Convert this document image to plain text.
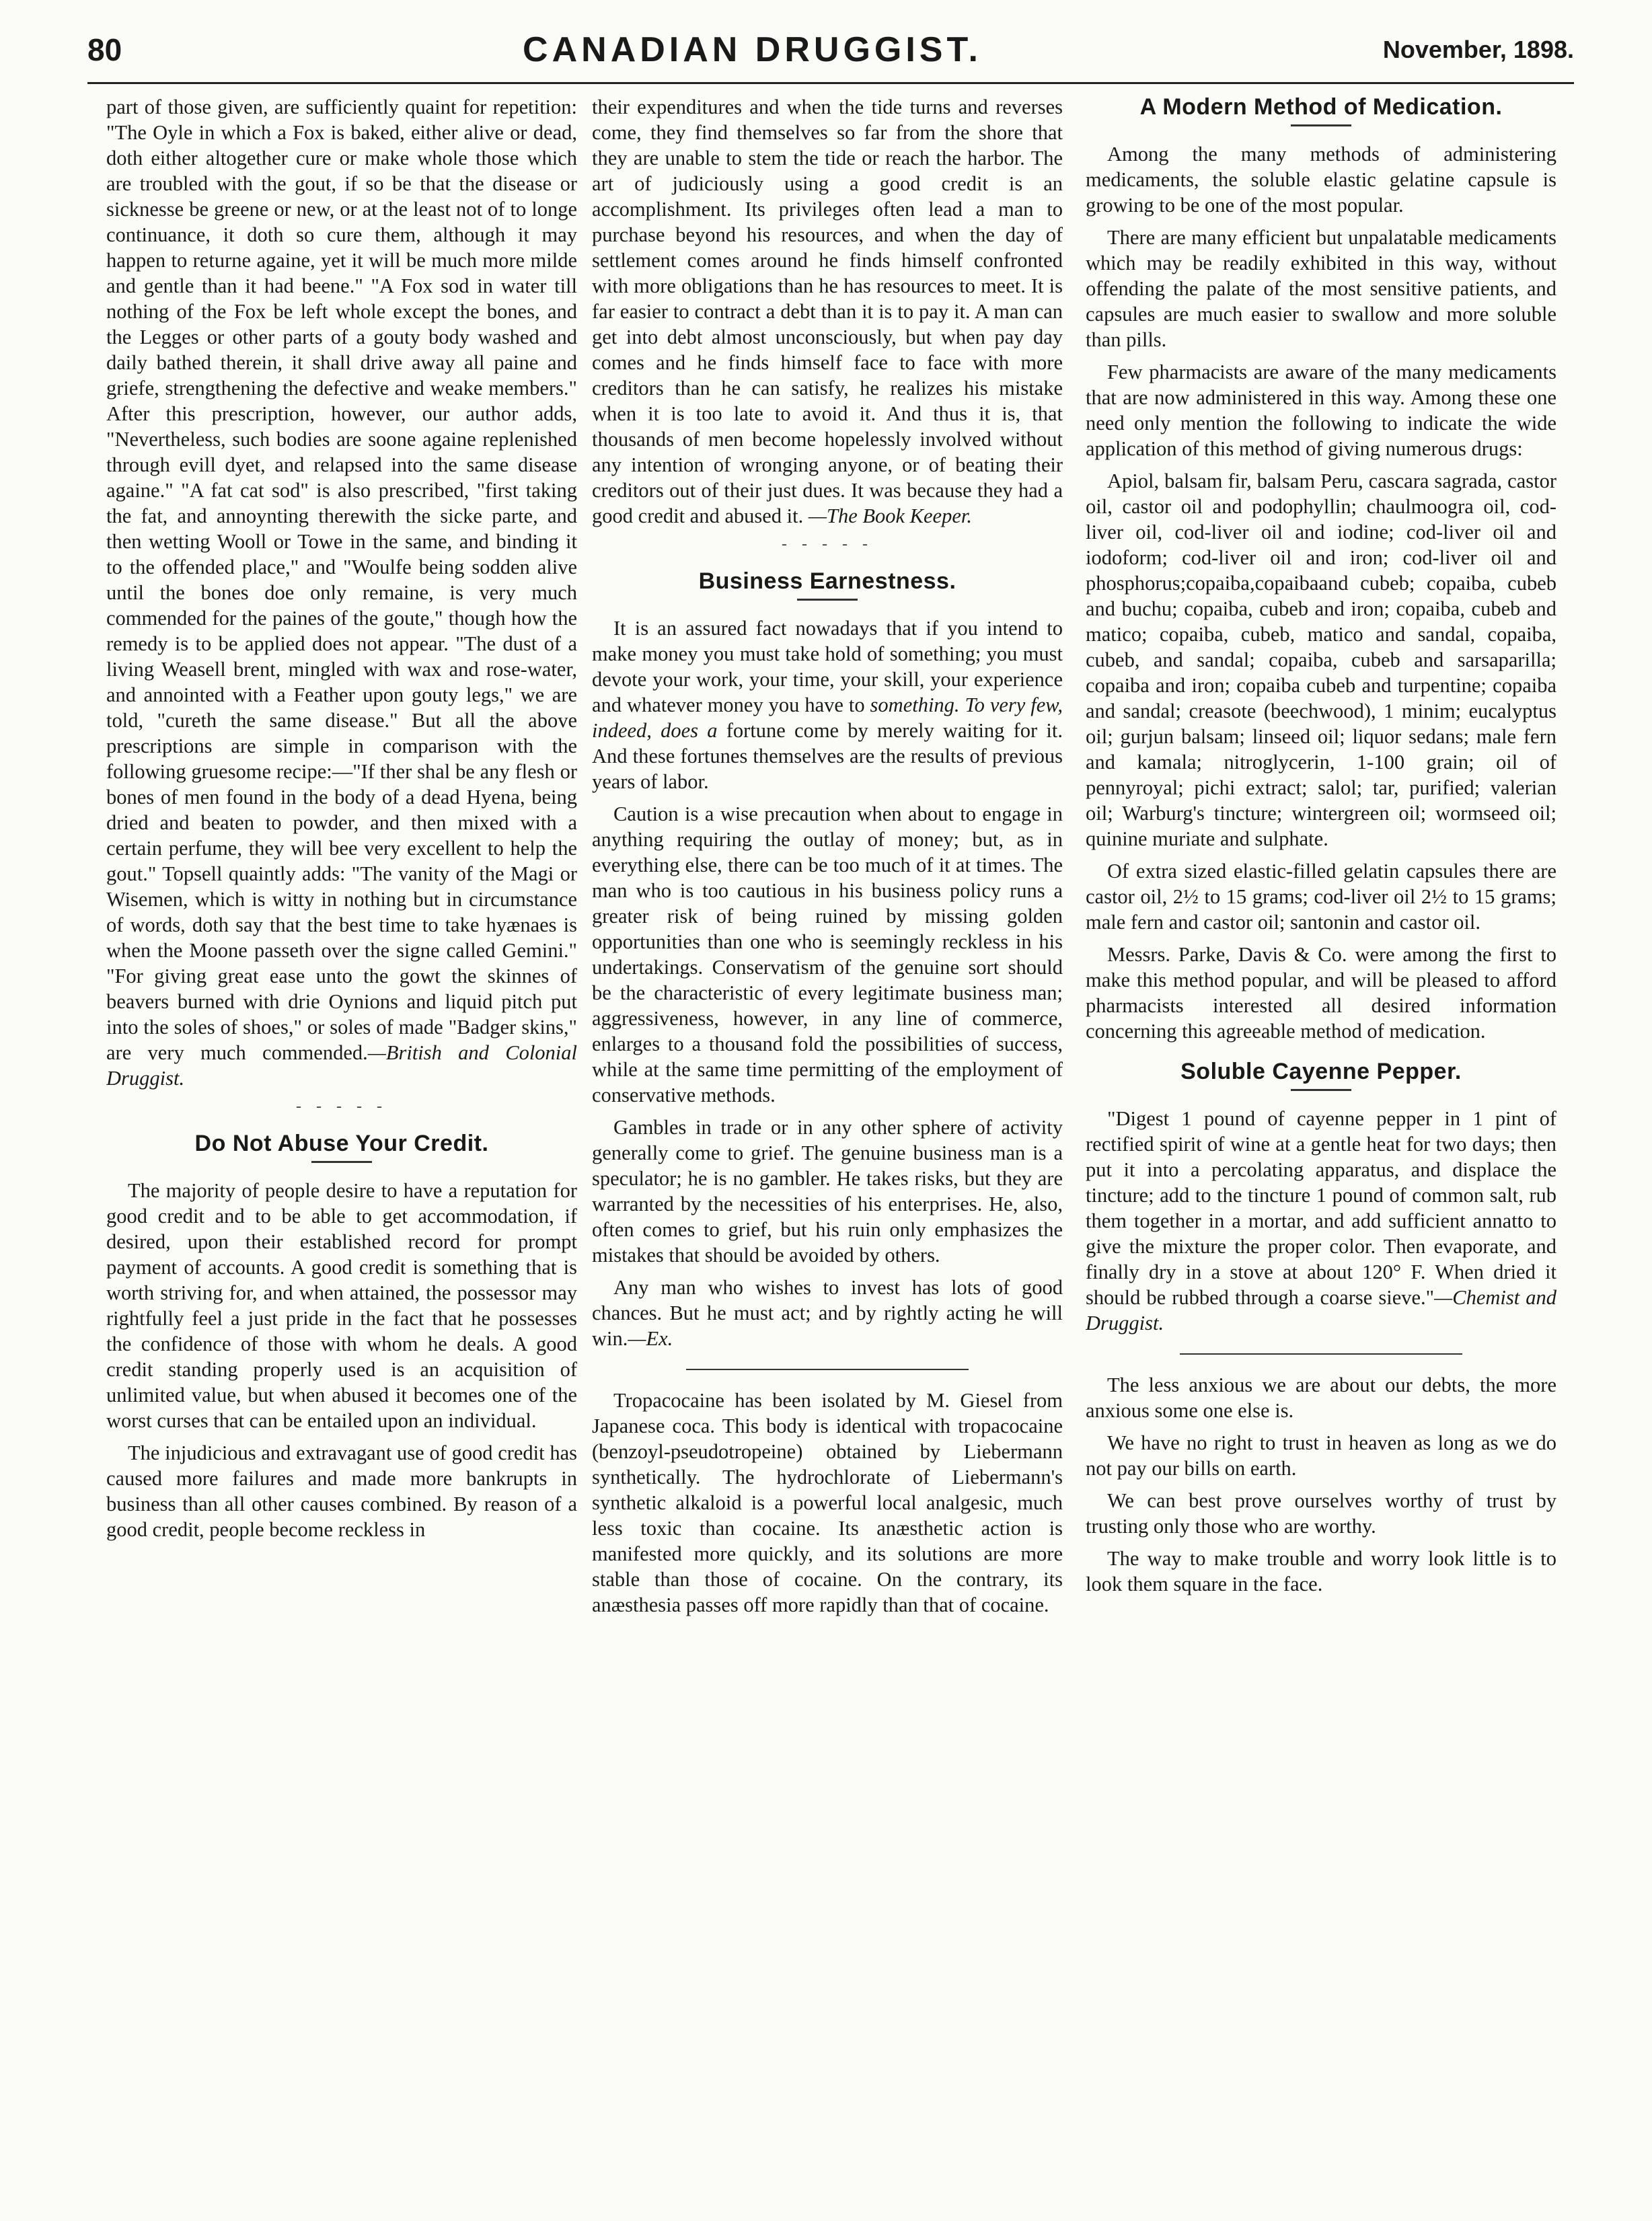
80	CANADIAN DRUGGIST.	November, 1898.

part of those given, are sufficiently quaint for repetition: "The Oyle in which a Fox is baked, either alive or dead, doth either altogether cure or make whole those which are troubled with the gout, if so be that the disease or sicknesse be greene or new, or at the least not of to longe continuance, it doth so cure them, although it may happen to returne againe, yet it will be much more milde and gentle than it had beene." "A Fox sod in water till nothing of the Fox be left whole except the bones, and the Legges or other parts of a gouty body washed and daily bathed therein, it shall drive away all paine and griefe, strengthening the defective and weake members." After this prescription, however, our author adds, "Nevertheless, such bodies are soone againe replenished through evill dyet, and relapsed into the same disease againe." "A fat cat sod" is also prescribed, "first taking the fat, and annoynting therewith the sicke parte, and then wetting Wooll or Towe in the same, and binding it to the offended place," and "Woulfe being sodden alive until the bones doe only remaine, is very much commended for the paines of the goute," though how the remedy is to be applied does not appear. "The dust of a living Weasell brent, mingled with wax and rose-water, and annointed with a Feather upon gouty legs," we are told, "cureth the same disease." But all the above prescriptions are simple in comparison with the following gruesome recipe:—"If ther shal be any flesh or bones of men found in the body of a dead Hyena, being dried and beaten to powder, and then mixed with a certain perfume, they will bee very excellent to help the gout." Topsell quaintly adds: "The vanity of the Magi or Wisemen, which is witty in nothing but in circumstance of words, doth say that the best time to take hyænaes is when the Moone passeth over the signe called Gemini." "For giving great ease unto the gowt the skinnes of beavers burned with drie Oynions and liquid pitch put into the soles of shoes," or soles of made "Badger skins," are very much commended.—British and Colonial Druggist.

- - - - -
Do Not Abuse Your Credit.

The majority of people desire to have a reputation for good credit and to be able to get accommodation, if desired, upon their established record for prompt payment of accounts. A good credit is something that is worth striving for, and when attained, the possessor may rightfully feel a just pride in the fact that he possesses the confidence of those with whom he deals. A good credit standing properly used is an acquisition of unlimited value, but when abused it becomes one of the worst curses that can be entailed upon an individual.

The injudicious and extravagant use of good credit has caused more failures and made more bankrupts in business than all other causes combined. By reason of a good credit, people become reckless in

their expenditures and when the tide turns and reverses come, they find themselves so far from the shore that they are unable to stem the tide or reach the harbor. The art of judiciously using a good credit is an accomplishment. Its privileges often lead a man to purchase beyond his resources, and when the day of settlement comes around he finds himself confronted with more obligations than he has resources to meet. It is far easier to contract a debt than it is to pay it. A man can get into debt almost unconsciously, but when pay day comes and he finds himself face to face with more creditors than he can satisfy, he realizes his mistake when it is too late to avoid it. And thus it is, that thousands of men become hopelessly involved without any intention of wronging anyone, or of beating their creditors out of their just dues. It was because they had a good credit and abused it. —The Book Keeper.

- - - - -
Business Earnestness.

It is an assured fact nowadays that if you intend to make money you must take hold of something; you must devote your work, your time, your skill, your experience and whatever money you have to something. To very few, indeed, does a fortune come by merely waiting for it. And these fortunes themselves are the results of previous years of labor.

Caution is a wise precaution when about to engage in anything requiring the outlay of money; but, as in everything else, there can be too much of it at times. The man who is too cautious in his business policy runs a greater risk of being ruined by missing golden opportunities than one who is seemingly reckless in his undertakings. Conservatism of the genuine sort should be the characteristic of every legitimate business man; aggressiveness, however, in any line of commerce, enlarges to a thousand fold the possibilities of success, while at the same time permitting of the employment of conservative methods.

Gambles in trade or in any other sphere of activity generally come to grief. The genuine business man is a speculator; he is no gambler. He takes risks, but they are warranted by the necessities of his enterprises. He, also, often comes to grief, but his ruin only emphasizes the mistakes that should be avoided by others.

Any man who wishes to invest has lots of good chances. But he must act; and by rightly acting he will win.—Ex.

Tropacocaine has been isolated by M. Giesel from Japanese coca. This body is identical with tropacocaine (benzoyl-pseudotropeine) obtained by Liebermann synthetically. The hydrochlorate of Liebermann's synthetic alkaloid is a powerful local analgesic, much less toxic than cocaine. Its anæsthetic action is manifested more quickly, and its solutions are more stable than those of cocaine. On the contrary, its anæsthesia passes off more rapidly than that of cocaine.

A Modern Method of Medication.

Among the many methods of administering medicaments, the soluble elastic gelatine capsule is growing to be one of the most popular.

There are many efficient but unpalatable medicaments which may be readily exhibited in this way, without offending the palate of the most sensitive patients, and capsules are much easier to swallow and more soluble than pills.

Few pharmacists are aware of the many medicaments that are now administered in this way. Among these one need only mention the following to indicate the wide application of this method of giving numerous drugs:

Apiol, balsam fir, balsam Peru, cascara sagrada, castor oil, castor oil and podophyllin; chaulmoogra oil, cod-liver oil, cod-liver oil and iodine; cod-liver oil and iodoform; cod-liver oil and iron; cod-liver oil and phosphorus;copaiba,copaibaand cubeb; copaiba, cubeb and buchu; copaiba, cubeb and iron; copaiba, cubeb and matico; copaiba, cubeb, matico and sandal, copaiba, cubeb, and sandal; copaiba, cubeb and sarsaparilla; copaiba and iron; copaiba cubeb and turpentine; copaiba and sandal; creasote (beechwood), 1 minim; eucalyptus oil; gurjun balsam; linseed oil; liquor sedans; male fern and kamala; nitroglycerin, 1-100 grain; oil of pennyroyal; pichi extract; salol; tar, purified; valerian oil; Warburg's tincture; wintergreen oil; wormseed oil; quinine muriate and sulphate.

Of extra sized elastic-filled gelatin capsules there are castor oil, 2½ to 15 grams; cod-liver oil 2½ to 15 grams; male fern and castor oil; santonin and castor oil.

Messrs. Parke, Davis & Co. were among the first to make this method popular, and will be pleased to afford pharmacists interested all desired information concerning this agreeable method of medication.

Soluble Cayenne Pepper.

"Digest 1 pound of cayenne pepper in 1 pint of rectified spirit of wine at a gentle heat for two days; then put it into a percolating apparatus, and displace the tincture; add to the tincture 1 pound of common salt, rub them together in a mortar, and add sufficient annatto to give the mixture the proper color. Then evaporate, and finally dry in a stove at about 120° F. When dried it should be rubbed through a coarse sieve."—Chemist and Druggist.

The less anxious we are about our debts, the more anxious some one else is.

We have no right to trust in heaven as long as we do not pay our bills on earth.

We can best prove ourselves worthy of trust by trusting only those who are worthy.

The way to make trouble and worry look little is to look them square in the face.
